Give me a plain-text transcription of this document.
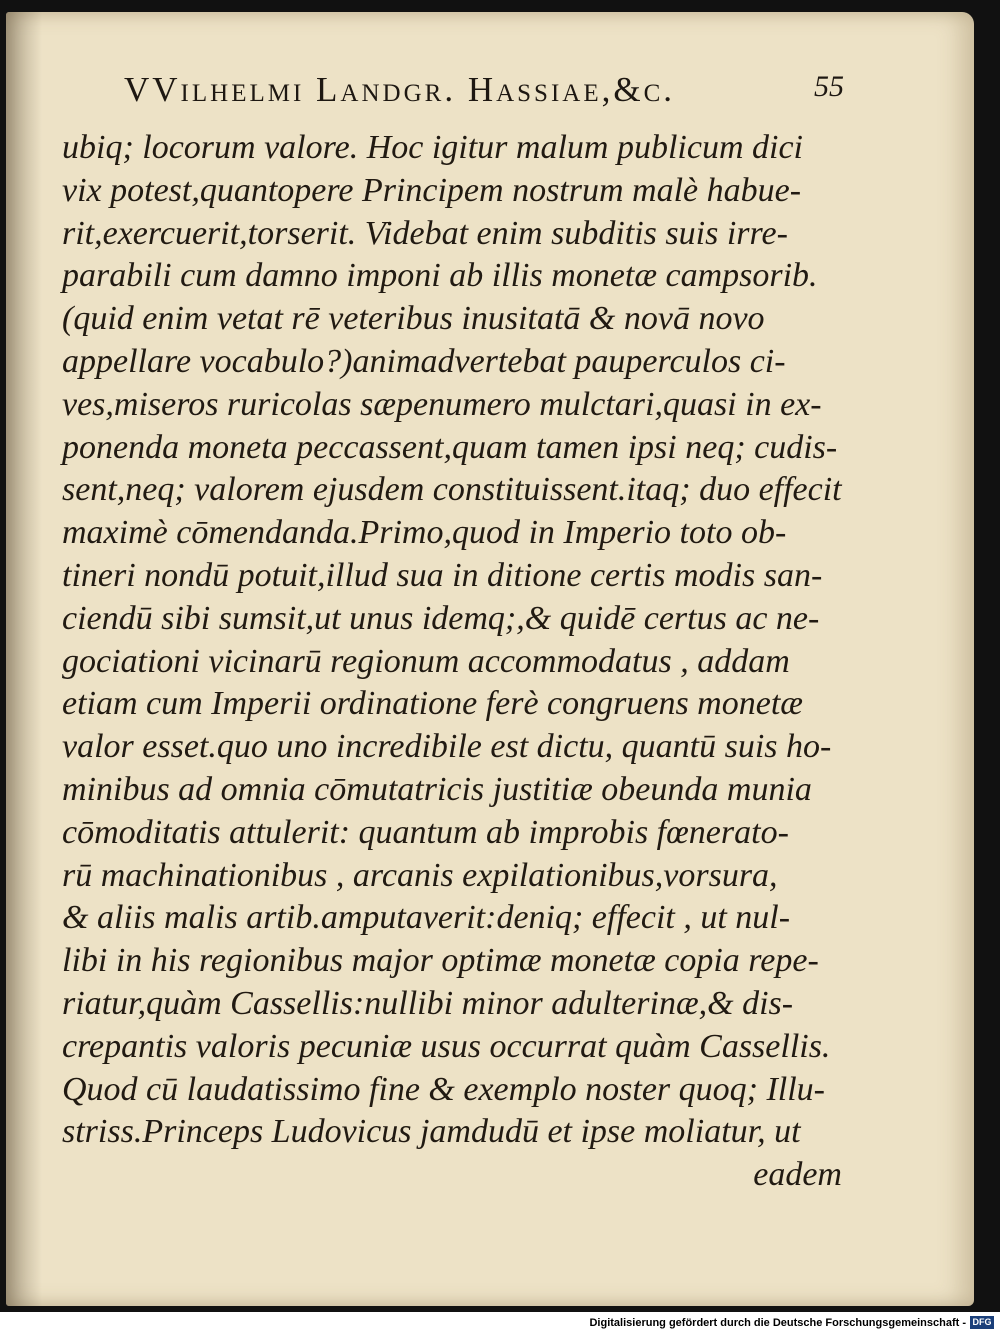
VVilhelmi Landgr. Hassiae,&c.	55
ubiq; locorum valore. Hoc igitur malum publicum dici
vix potest,quantopere Principem nostrum malè habue-
rit,exercuerit,torserit. Videbat enim subditis suis irre-
parabili cum damno imponi ab illis monetæ campsorib.
(quid enim vetat rē veteribus inusitatā & novā novo
appellare vocabulo?)animadvertebat pauperculos ci-
ves,miseros ruricolas sæpenumero mulctari,quasi in ex-
ponenda moneta peccassent,quam tamen ipsi neq; cudis-
sent,neq; valorem ejusdem constituissent.itaq; duo effecit
maximè cōmendanda.Primo,quod in Imperio toto ob-
tineri nondū potuit,illud sua in ditione certis modis san-
ciendū sibi sumsit,ut unus idemq;,& quidē certus ac ne-
gociationi vicinarū regionum accommodatus , addam
etiam cum Imperii ordinatione ferè congruens monetæ
valor esset.quo uno incredibile est dictu, quantū suis ho-
minibus ad omnia cōmutatricis justitiæ obeunda munia
cōmoditatis attulerit: quantum ab improbis fœnerato-
rū machinationibus , arcanis expilationibus,vorsura,
& aliis malis artib.amputaverit:deniq; effecit , ut nul-
libi in his regionibus major optimæ monetæ copia repe-
riatur,quàm Cassellis:nullibi minor adulterinæ,& dis-
crepantis valoris pecuniæ usus occurrat quàm Cassellis.
Quod cū laudatissimo fine & exemplo noster quoq; Illu-
striss.Princeps Ludovicus jamdudū et ipse moliatur, ut
eadem
Digitalisierung gefördert durch die Deutsche Forschungsgemeinschaft - DFG
